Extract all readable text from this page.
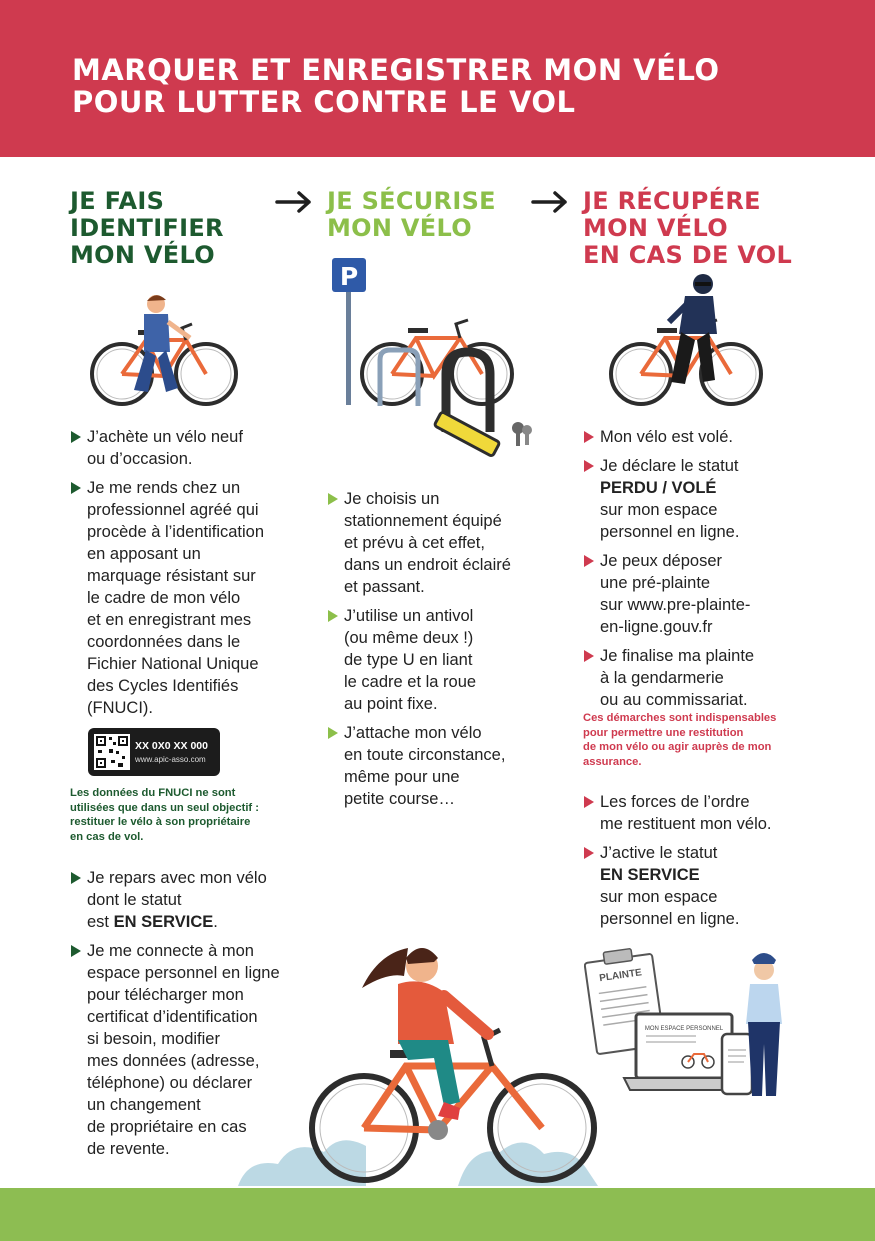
MARQUER ET ENREGISTRER MON VÉLO
POUR LUTTER CONTRE LE VOL
JE FAIS
IDENTIFIER
MON VÉLO
JE SÉCURISE
MON VÉLO
JE RÉCUPÉRE
MON VÉLO
EN CAS DE VOL
J’achète un vélo neuf
ou d’occasion.
Je me rends chez un
professionnel agréé qui
procède à l’identification
en apposant un
marquage résistant sur
le cadre de mon vélo
et en enregistrant mes
coordonnées dans le
Fichier National Unique
des Cycles Identifiés
(FNUCI).
XX 0X0 XX 000
www.apic-asso.com
Les données du FNUCI ne sont
utilisées que dans un seul objectif :
restituer le vélo à son propriétaire
en cas de vol.
Je repars avec mon vélo
dont le statut
est EN SERVICE.
Je me connecte à mon
espace personnel en ligne
pour télécharger mon
certificat d’identification
si besoin, modifier
mes données (adresse,
téléphone) ou déclarer
un changement
de propriétaire en cas
de revente.
P
Je choisis un
stationnement équipé
et prévu à cet effet,
dans un endroit éclairé
et passant.
J’utilise un antivol
(ou même deux !)
de type U en liant
le cadre et la roue
au point fixe.
J’attache mon vélo
en toute circonstance,
même pour une
petite course…
Mon vélo est volé.
Je déclare le statut
PERDU / VOLÉ
sur mon espace
personnel en ligne.
Je peux déposer
une pré-plainte
sur www.pre-plainte-
en-ligne.gouv.fr
Je finalise ma plainte
à la gendarmerie
ou au commissariat.
Ces démarches sont indispensables
pour permettre une restitution
de mon vélo ou agir auprès de mon
assurance.
Les forces de l’ordre
me restituent mon vélo.
J’active le statut
EN SERVICE
sur mon espace
personnel en ligne.
PLAINTE
MON ESPACE PERSONNEL
